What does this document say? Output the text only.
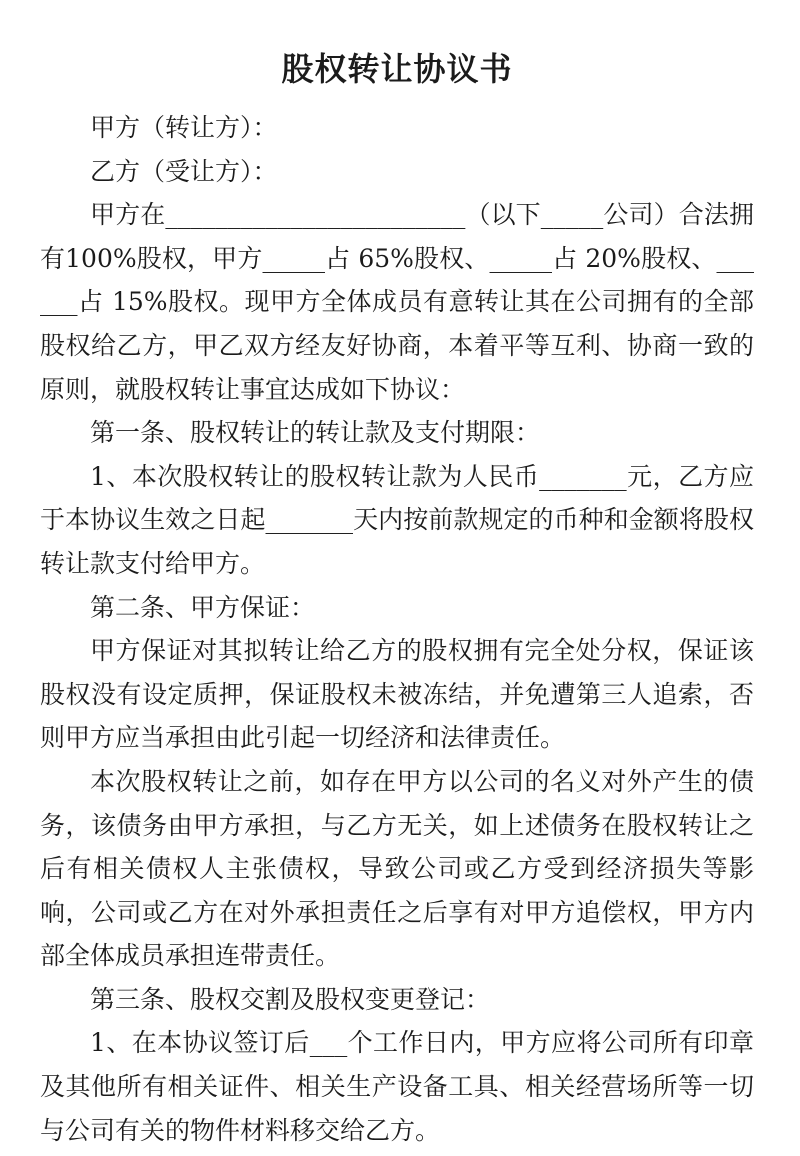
股权转让协议书

甲方（转让方）：

乙方（受让方）：

甲方在________________________（以下_____公司）合法拥有100%股权，甲方_____占 65%股权、_____占 20%股权、______占 15%股权。现甲方全体成员有意转让其在公司拥有的全部股权给乙方，甲乙双方经友好协商，本着平等互利、协商一致的原则，就股权转让事宜达成如下协议：

第一条、股权转让的转让款及支付期限：

1、本次股权转让的股权转让款为人民币_______元，乙方应于本协议生效之日起_______天内按前款规定的币种和金额将股权转让款支付给甲方。

第二条、甲方保证：

甲方保证对其拟转让给乙方的股权拥有完全处分权，保证该股权没有设定质押，保证股权未被冻结，并免遭第三人追索，否则甲方应当承担由此引起一切经济和法律责任。

本次股权转让之前，如存在甲方以公司的名义对外产生的债务，该债务由甲方承担，与乙方无关，如上述债务在股权转让之后有相关债权人主张债权，导致公司或乙方受到经济损失等影响，公司或乙方在对外承担责任之后享有对甲方追偿权，甲方内部全体成员承担连带责任。

第三条、股权交割及股权变更登记：

1、在本协议签订后___个工作日内，甲方应将公司所有印章及其他所有相关证件、相关生产设备工具、相关经营场所等一切与公司有关的物件材料移交给乙方。
